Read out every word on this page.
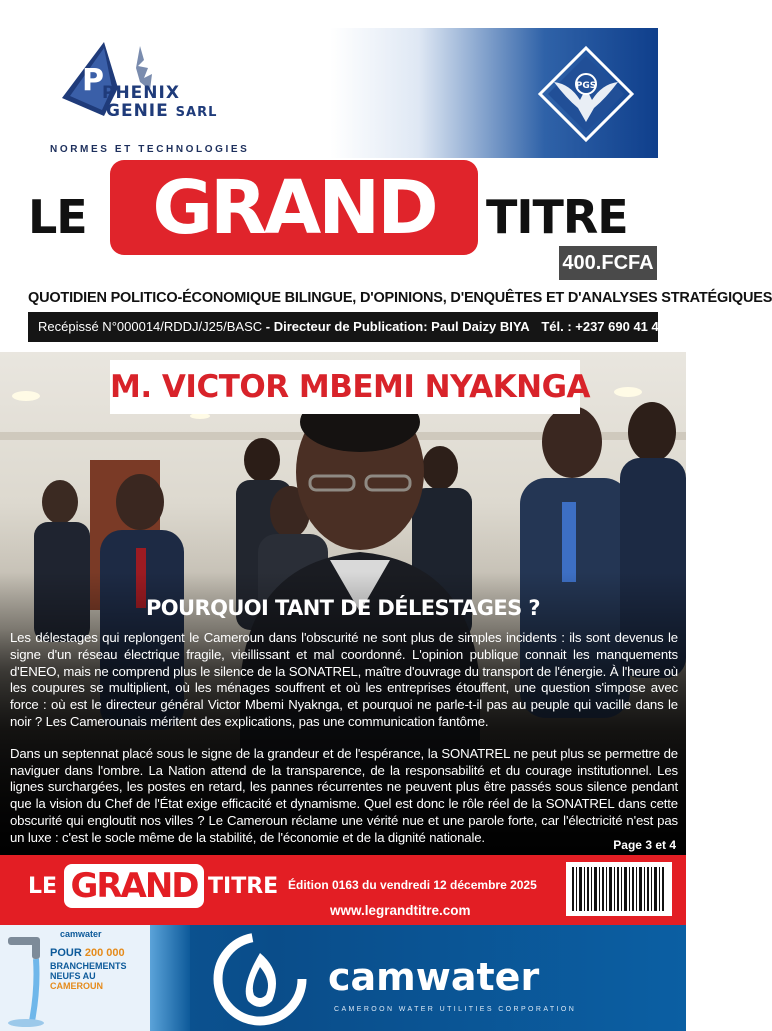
P
PHENIX
GENIE SARL
NORMES ET TECHNOLOGIES
PGS
LE GRAND	TITRE
400.FCFA
QUOTIDIEN POLITICO-ÉCONOMIQUE BILINGUE, D'OPINIONS, D'ENQUÊTES ET D'ANALYSES STRATÉGIQUES
Recépissé N°000014/RDDJ/J25/BASC - Directeur de Publication: Paul Daizy BIYA Tél. : +237 690 41 42 42
M. VICTOR MBEMI NYAKNGA
POURQUOI TANT DE DÉLESTAGES ?

Les délestages qui replongent le Cameroun dans l'obscurité ne sont plus de simples incidents : ils sont devenus le signe d'un réseau électrique fragile, vieillissant et mal coordonné. L'opinion publique connait les manquements d'ENEO, mais ne comprend plus le silence de la SONATREL, maître d'ouvrage du transport de l'énergie. À l'heure où les coupures se multiplient, où les ménages souffrent et où les entreprises étouffent, une question s'impose avec force : où est le directeur général Victor Mbemi Nyaknga, et pourquoi ne parle-t-il pas au peuple qui vacille dans le noir ? Les Camerounais méritent des explications, pas une communication fantôme.

Dans un septennat placé sous le signe de la grandeur et de l'espérance, la SONATREL ne peut plus se permettre de naviguer dans l'ombre. La Nation attend de la transparence, de la responsabilité et du courage institutionnel. Les lignes surchargées, les postes en retard, les pannes récurrentes ne peuvent plus être passés sous silence pendant que la vision du Chef de l'État exige efficacité et dynamisme. Quel est donc le rôle réel de la SONATREL dans cette obscurité qui engloutit nos villes ? Le Cameroun réclame une vérité nue et une parole forte, car l'électricité n'est pas un luxe : c'est le socle même de la stabilité, de l'économie et de la dignité nationale.

Page 3 et 4
LE GRAND TITRE Édition 0163 du vendredi 12 décembre 2025
www.legrandtitre.com
camwater
POUR 200 000
BRANCHEMENTS NEUFS AU
CAMEROUN	camwater
CAMEROON WATER UTILITIES CORPORATION
